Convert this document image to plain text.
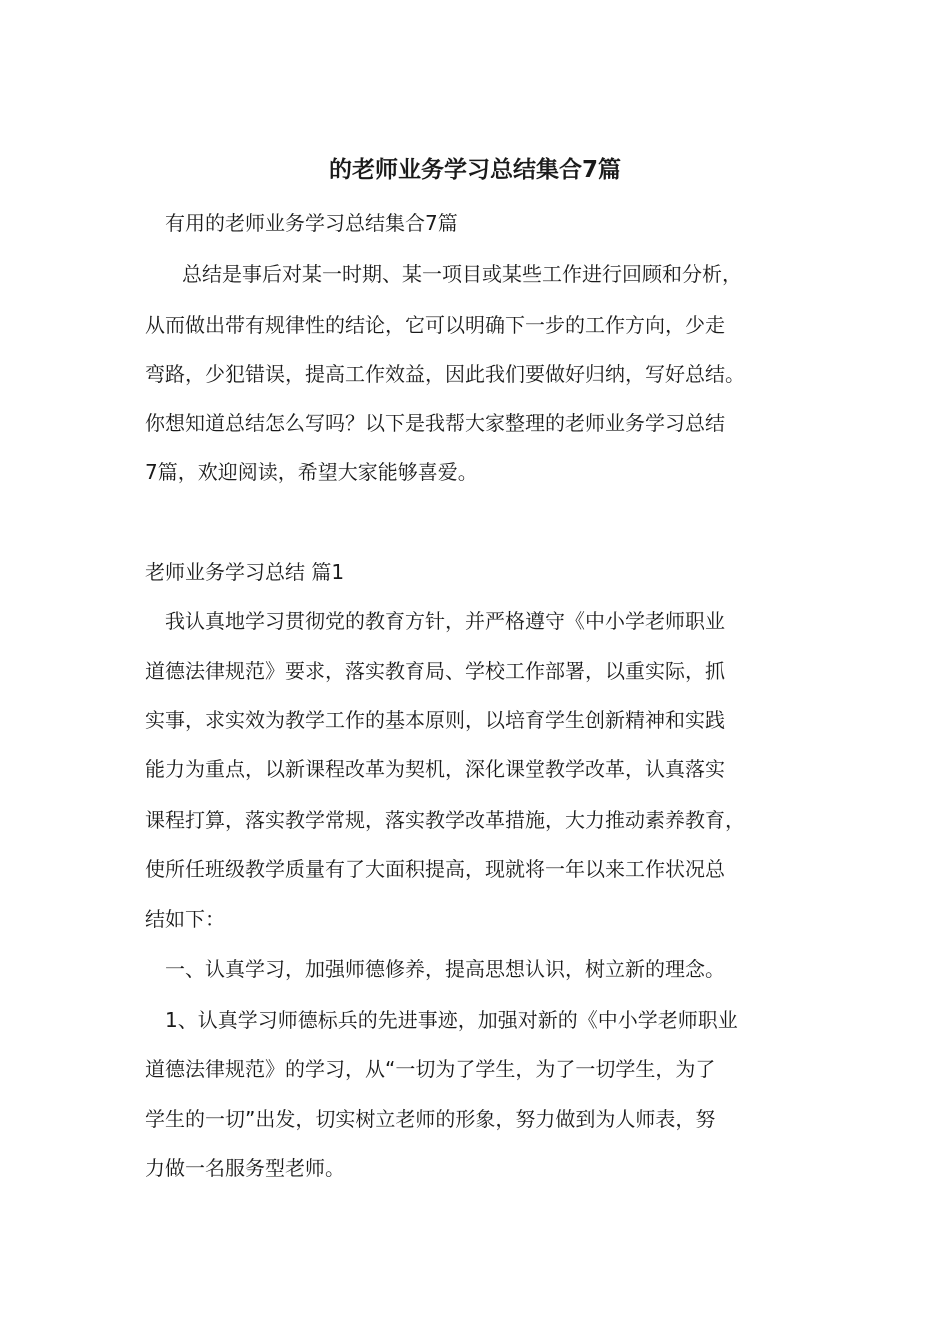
的老师业务学习总结集合7篇

有用的老师业务学习总结集合7篇

总结是事后对某一时期、某一项目或某些工作进行回顾和分析，

从而做出带有规律性的结论，它可以明确下一步的工作方向，少走

弯路，少犯错误，提高工作效益，因此我们要做好归纳，写好总结。

你想知道总结怎么写吗？以下是我帮大家整理的老师业务学习总结

7篇，欢迎阅读，希望大家能够喜爱。

老师业务学习总结 篇1

我认真地学习贯彻党的教育方针，并严格遵守《中小学老师职业

道德法律规范》要求，落实教育局、学校工作部署，以重实际，抓

实事，求实效为教学工作的基本原则，以培育学生创新精神和实践

能力为重点，以新课程改革为契机，深化课堂教学改革，认真落实

课程打算，落实教学常规，落实教学改革措施，大力推动素养教育，

使所任班级教学质量有了大面积提高，现就将一年以来工作状况总

结如下：

一、认真学习，加强师德修养，提高思想认识，树立新的理念。

1、认真学习师德标兵的先进事迹，加强对新的《中小学老师职业

道德法律规范》的学习，从“一切为了学生，为了一切学生，为了

学生的一切”出发，切实树立老师的形象，努力做到为人师表，努

力做一名服务型老师。
